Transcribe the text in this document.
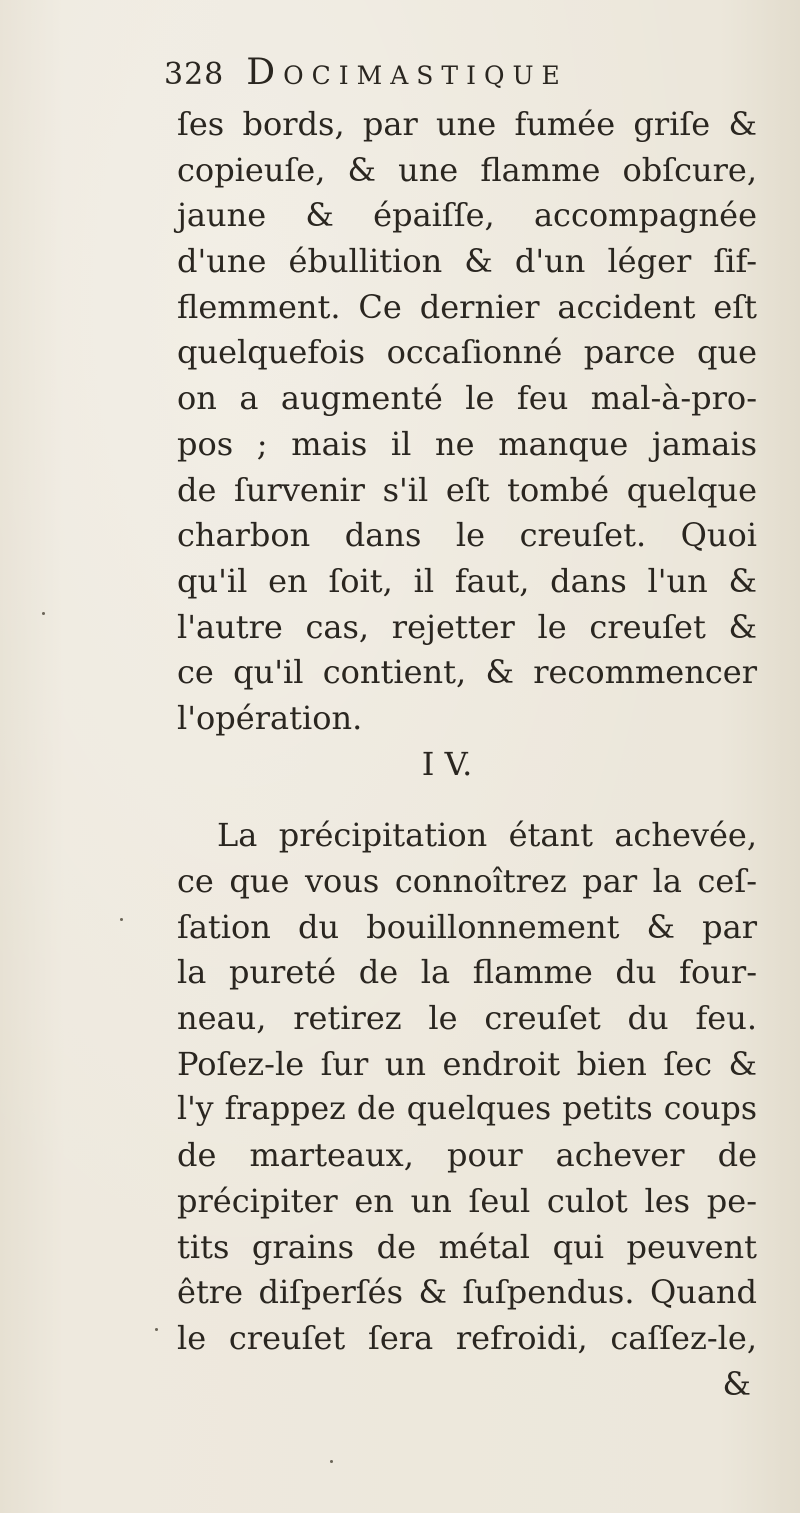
328 Docimastique
ſes bords, par une fumée griſe &
copieuſe, & une flamme obſcure,
jaune & épaiſſe, accompagnée
d'une ébullition & d'un léger ſif-
flemment. Ce dernier accident eſt
quelquefois occaſionné parce que
on a augmenté le feu mal-à-pro-
pos ; mais il ne manque jamais
de ſurvenir s'il eſt tombé quelque
charbon dans le creuſet. Quoi
qu'il en ſoit, il faut, dans l'un &
l'autre cas, rejetter le creuſet &
ce qu'il contient, & recommencer
l'opération.
I V.
La précipitation étant achevée,
ce que vous connoîtrez par la ceſ-
ſation du bouillonnement & par
la pureté de la flamme du four-
neau, retirez le creuſet du feu.
Poſez-le ſur un endroit bien ſec &
l'y frappez de quelques petits coups
de marteaux, pour achever de
précipiter en un ſeul culot les pe-
tits grains de métal qui peuvent
être diſperſés & ſuſpendus. Quand
le creuſet ſera refroidi, caſſez-le,
&
